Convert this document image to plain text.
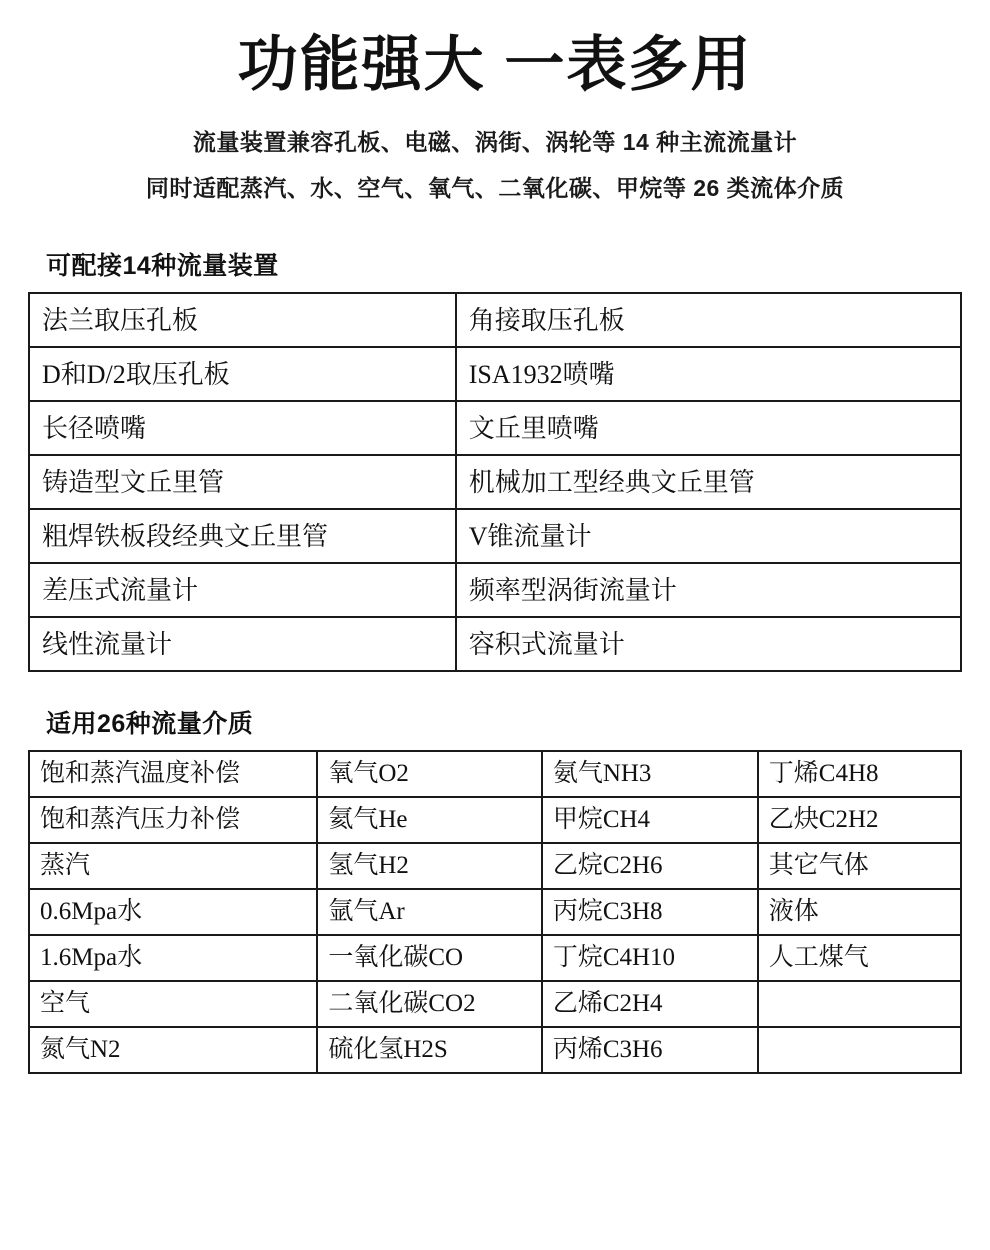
功能强大 一表多用

流量装置兼容孔板、电磁、涡街、涡轮等 14 种主流流量计

同时适配蒸汽、水、空气、氧气、二氧化碳、甲烷等 26 类流体介质

可配接14种流量装置
法兰取压孔板	角接取压孔板
D和D/2取压孔板	ISA1932喷嘴
长径喷嘴	文丘里喷嘴
铸造型文丘里管	机械加工型经典文丘里管
粗焊铁板段经典文丘里管	V锥流量计
差压式流量计	频率型涡街流量计
线性流量计	容积式流量计
适用26种流量介质
饱和蒸汽温度补偿	氧气O2	氨气NH3	丁烯C4H8
饱和蒸汽压力补偿	氦气He	甲烷CH4	乙炔C2H2
蒸汽	氢气H2	乙烷C2H6	其它气体
0.6Mpa水	氩气Ar	丙烷C3H8	液体
1.6Mpa水	一氧化碳CO	丁烷C4H10	人工煤气
空气	二氧化碳CO2	乙烯C2H4	
氮气N2	硫化氢H2S	丙烯C3H6	
